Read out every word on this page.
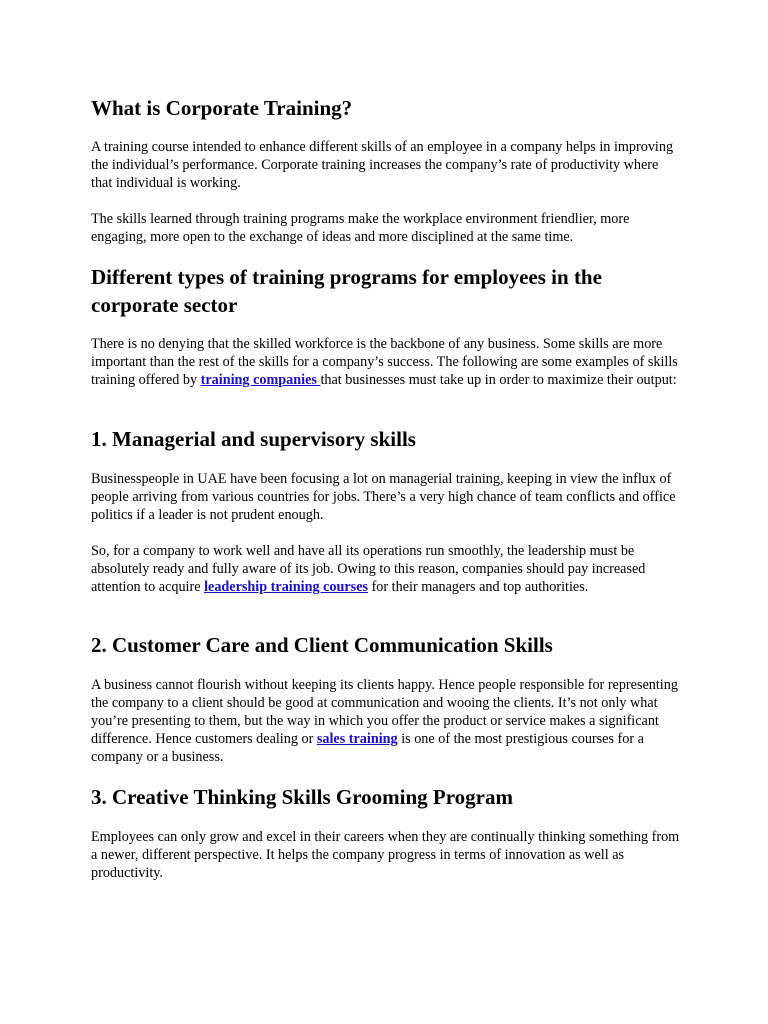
What is Corporate Training?

A training course intended to enhance different skills of an employee in a company helps in improving the individual’s performance. Corporate training increases the company’s rate of productivity where that individual is working.

The skills learned through training programs make the workplace environment friendlier, more engaging, more open to the exchange of ideas and more disciplined at the same time.

Different types of training programs for employees in the corporate sector

There is no denying that the skilled workforce is the backbone of any business. Some skills are more important than the rest of the skills for a company’s success. The following are some examples of skills training offered by training companies that businesses must take up in order to maximize their output:

1. Managerial and supervisory skills

Businesspeople in UAE have been focusing a lot on managerial training, keeping in view the influx of people arriving from various countries for jobs. There’s a very high chance of team conflicts and office politics if a leader is not prudent enough.

So, for a company to work well and have all its operations run smoothly, the leadership must be absolutely ready and fully aware of its job. Owing to this reason, companies should pay increased attention to acquire leadership training courses for their managers and top authorities.

2. Customer Care and Client Communication Skills

A business cannot flourish without keeping its clients happy. Hence people responsible for representing the company to a client should be good at communication and wooing the clients. It’s not only what you’re presenting to them, but the way in which you offer the product or service makes a significant difference. Hence customers dealing or sales training is one of the most prestigious courses for a company or a business.

3. Creative Thinking Skills Grooming Program

Employees can only grow and excel in their careers when they are continually thinking something from a newer, different perspective. It helps the company progress in terms of innovation as well as productivity.
